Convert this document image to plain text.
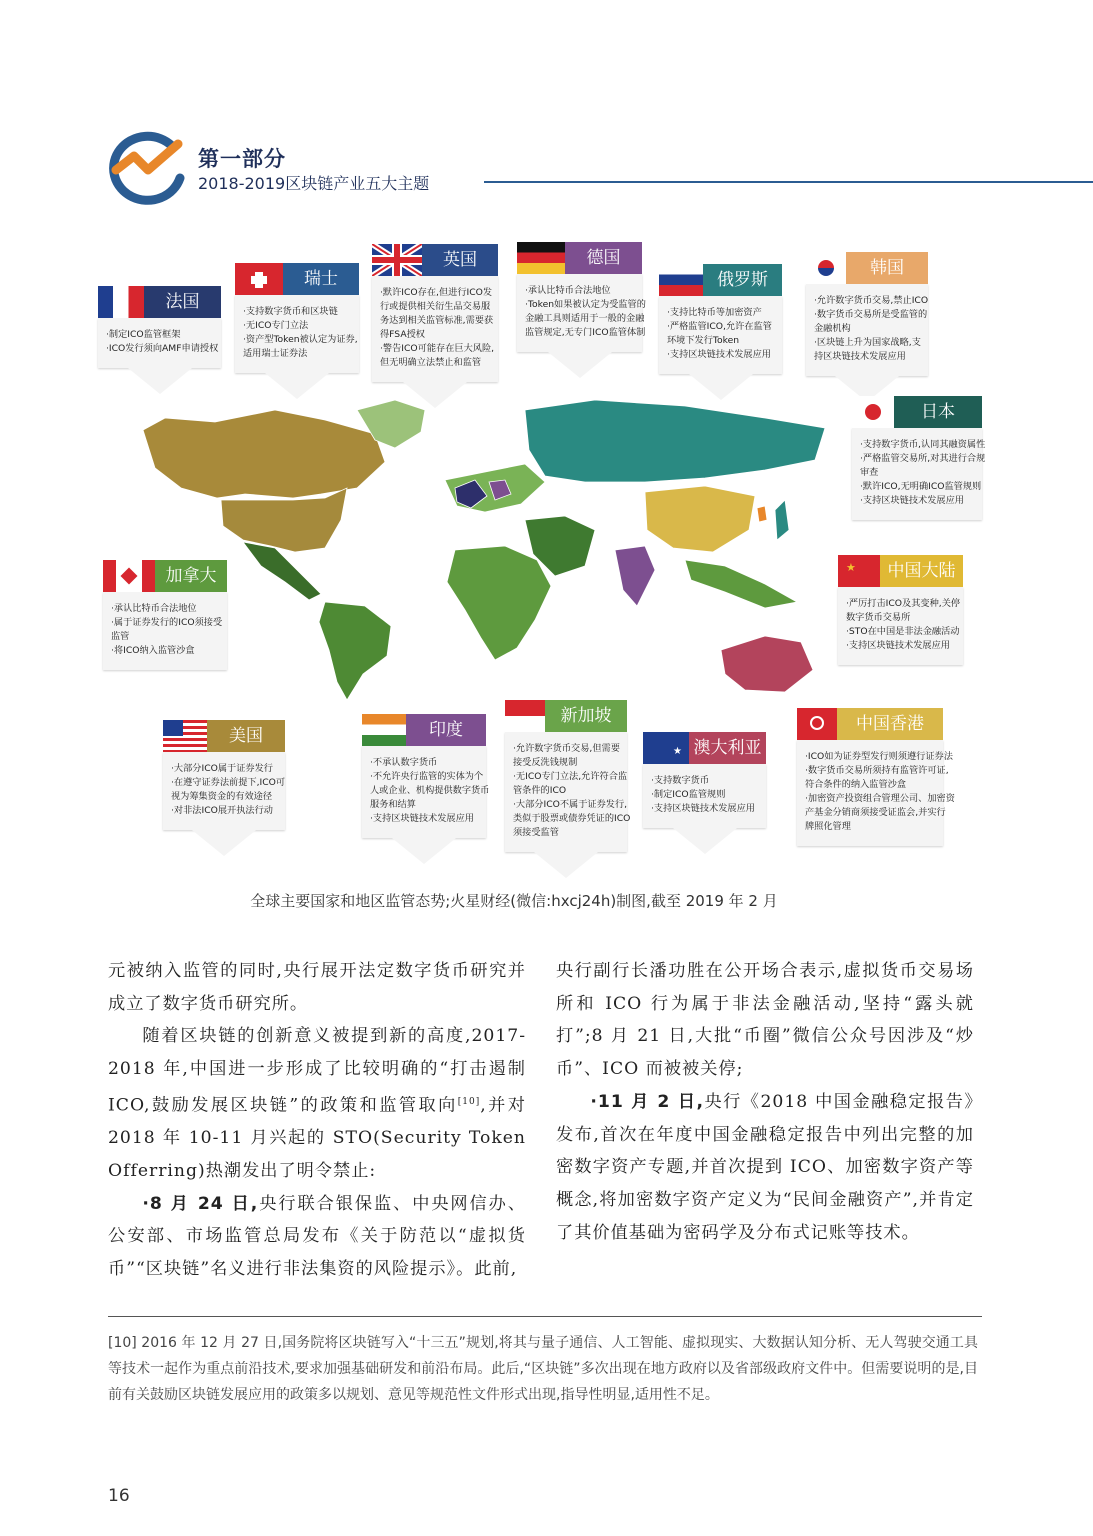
第一部分
2018-2019区块链产业五大主题
法国
·制定ICO监管框架
·ICO发行须向AMF申请授权
瑞士
·支持数字货币和区块链
·无ICO专门立法
·资产型Token被认定为证券,
适用瑞士证券法
英国
·默许ICO存在,但进行ICO发
行或提供相关衍生品交易服
务达到相关监管标准,需要获
得FSA授权
·警告ICO可能存在巨大风险,
但无明确立法禁止和监管
德国
·承认比特币合法地位
·Token如果被认定为受监管的
金融工具则适用于一般的金融
监管规定,无专门ICO监管体制
俄罗斯
·支持比特币等加密资产
·严格监管ICO,允许在监管
环境下发行Token
·支持区块链技术发展应用
韩国
·允许数字货币交易,禁止ICO
·数字货币交易所是受监管的
金融机构
·区块链上升为国家战略,支
持区块链技术发展应用
日本
·支持数字货币,认同其融资属性
·严格监管交易所,对其进行合规
审查
·默许ICO,无明确ICO监管规则
·支持区块链技术发展应用
加拿大
·承认比特币合法地位
·属于证券发行的ICO须接受
监管
·将ICO纳入监管沙盒
★	中国大陆
·严厉打击ICO及其变种,关停
数字货币交易所
·STO在中国是非法金融活动
·支持区块链技术发展应用
美国
·大部分ICO属于证券发行
·在遵守证券法前提下,ICO可
视为筹集资金的有效途径
·对非法ICO展开执法行动
印度
·不承认数字货币
·不允许央行监管的实体为个
人或企业、机构提供数字货币
服务和结算
·支持区块链技术发展应用
新加坡
·允许数字货币交易,但需要
接受反洗钱规制
·无ICO专门立法,允许符合监
管条件的ICO
·大部分ICO不属于证券发行,
类似于股票或债券凭证的ICO
须接受监管
★ 澳大利亚
·支持数字货币
·制定ICO监管规则
·支持区块链技术发展应用
中国香港
·ICO如为证券型发行则须遵行证券法
·数字货币交易所须持有监管许可证,
符合条件的纳入监管沙盒
·加密资产投资组合管理公司、加密资
产基金分销商须接受证监会,并实行
牌照化管理
全球主要国家和地区监管态势;火星财经(微信:hxcj24h)制图,截至 2019 年 2 月

元被纳入监管的同时,央行展开法定数字货币研究并成立了数字货币研究所。

随着区块链的创新意义被提到新的高度,2017-2018 年,中国进一步形成了比较明确的“打击遏制 ICO,鼓励发展区块链”的政策和监管取向[10],并对 2018 年 10-11 月兴起的 STO(Security Token Offerring)热潮发出了明令禁止:

·8 月 24 日,央行联合银保监、中央网信办、公安部、市场监管总局发布《关于防范以“虚拟货币”“区块链”名义进行非法集资的风险提示》。此前,

央行副行长潘功胜在公开场合表示,虚拟货币交易场所和 ICO 行为属于非法金融活动,坚持“露头就打”;8 月 21 日,大批“币圈”微信公众号因涉及“炒币”、ICO 而被被关停;

·11 月 2 日,央行《2018 中国金融稳定报告》发布,首次在年度中国金融稳定报告中列出完整的加密数字资产专题,并首次提到 ICO、加密数字资产等概念,将加密数字资产定义为“民间金融资产”,并肯定了其价值基础为密码学及分布式记账等技术。

[10] 2016 年 12 月 27 日,国务院将区块链写入“十三五”规划,将其与量子通信、人工智能、虚拟现实、大数据认知分析、无人驾驶交通工具等技术一起作为重点前沿技术,要求加强基础研发和前沿布局。此后,“区块链”多次出现在地方政府以及省部级政府文件中。但需要说明的是,目前有关鼓励区块链发展应用的政策多以规划、意见等规范性文件形式出现,指导性明显,适用性不足。
16
